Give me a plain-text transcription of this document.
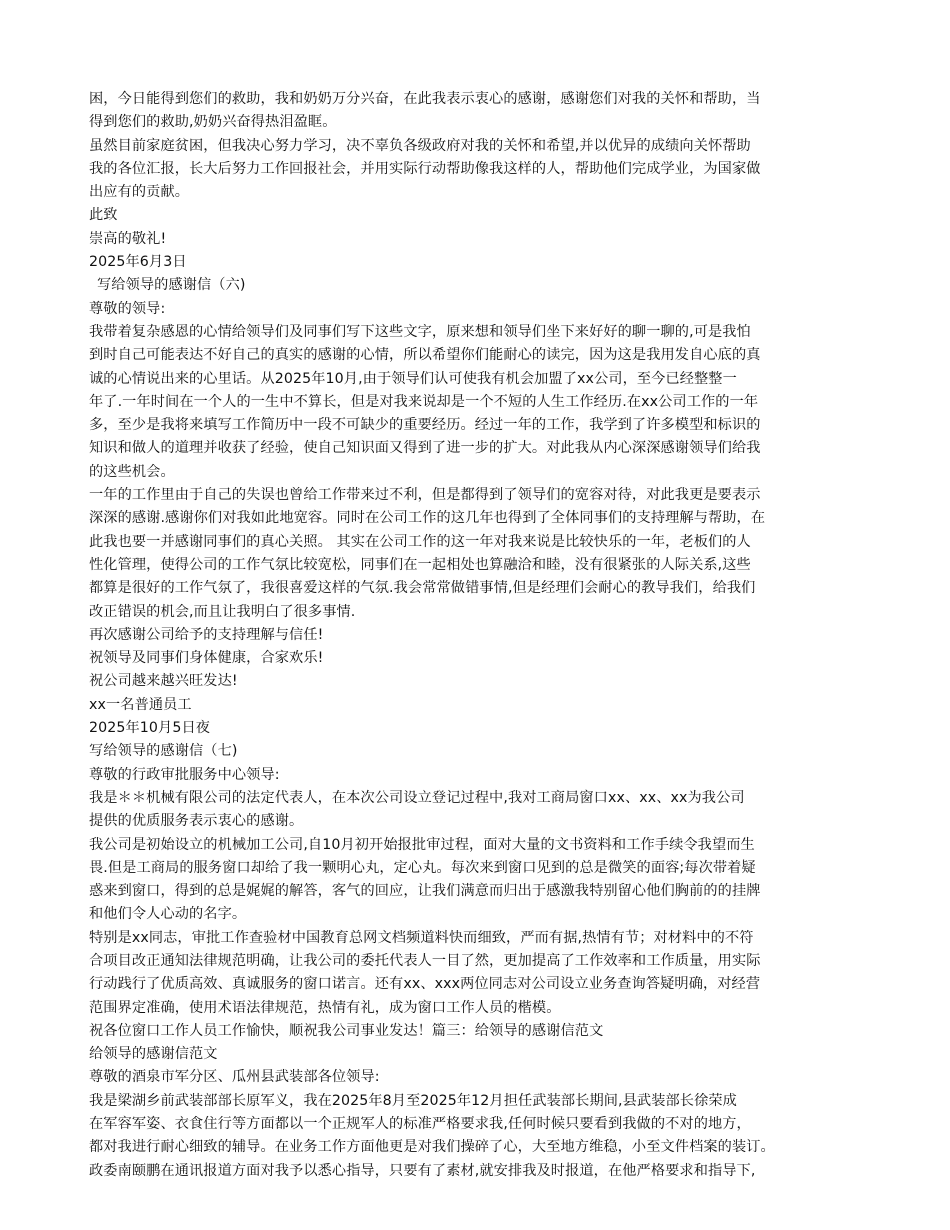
困，今日能得到您们的救助，我和奶奶万分兴奋，在此我表示衷心的感谢，感谢您们对我的关怀和帮助，当
得到您们的救助,奶奶兴奋得热泪盈眶。
虽然目前家庭贫困，但我决心努力学习，决不辜负各级政府对我的关怀和希望,并以优异的成绩向关怀帮助
我的各位汇报，长大后努力工作回报社会，并用实际行动帮助像我这样的人，帮助他们完成学业，为国家做
出应有的贡献。
此致
崇高的敬礼!
2025年6月3日
写给领导的感谢信（六)
尊敬的领导:
我带着复杂感恩的心情给领导们及同事们写下这些文字，原来想和领导们坐下来好好的聊一聊的,可是我怕
到时自己可能表达不好自己的真实的感谢的心情，所以希望你们能耐心的读完，因为这是我用发自心底的真
诚的心情说出来的心里话。从2025年10月,由于领导们认可使我有机会加盟了xx公司，至今已经整整一
年了.一年时间在一个人的一生中不算长，但是对我来说却是一个不短的人生工作经历.在xx公司工作的一年
多，至少是我将来填写工作简历中一段不可缺少的重要经历。经过一年的工作，我学到了许多模型和标识的
知识和做人的道理并收获了经验，使自己知识面又得到了进一步的扩大。对此我从内心深深感谢领导们给我
的这些机会。
一年的工作里由于自己的失误也曾给工作带来过不利，但是都得到了领导们的宽容对待，对此我更是要表示
深深的感谢.感谢你们对我如此地宽容。同时在公司工作的这几年也得到了全体同事们的支持理解与帮助，在
此我也要一并感谢同事们的真心关照。 其实在公司工作的这一年对我来说是比较快乐的一年，老板们的人
性化管理，使得公司的工作气氛比较宽松，同事们在一起相处也算融洽和睦，没有很紧张的人际关系,这些
都算是很好的工作气氛了，我很喜爱这样的气氛.我会常常做错事情,但是经理们会耐心的教导我们，给我们
改正错误的机会,而且让我明白了很多事情.
再次感谢公司给予的支持理解与信任!
祝领导及同事们身体健康，合家欢乐!
祝公司越来越兴旺发达!
xx一名普通员工
2025年10月5日夜
写给领导的感谢信（七)
尊敬的行政审批服务中心领导:
我是＊＊机械有限公司的法定代表人，在本次公司设立登记过程中,我对工商局窗口xx、xx、xx为我公司
提供的优质服务表示衷心的感谢。
我公司是初始设立的机械加工公司,自10月初开始报批审过程，面对大量的文书资料和工作手续令我望而生
畏.但是工商局的服务窗口却给了我一颗明心丸，定心丸。每次来到窗口见到的总是微笑的面容;每次带着疑
惑来到窗口，得到的总是娓娓的解答，客气的回应，让我们满意而归出于感激我特别留心他们胸前的的挂牌
和他们令人心动的名字。
特别是xx同志，审批工作查验材中国教育总网文档频道料快而细致，严而有据,热情有节；对材料中的不符
合项目改正通知法律规范明确，让我公司的委托代表人一目了然，更加提高了工作效率和工作质量，用实际
行动践行了优质高效、真诚服务的窗口诺言。还有xx、xxx两位同志对公司设立业务查询答疑明确，对经营
范围界定准确，使用术语法律规范，热情有礼，成为窗口工作人员的楷模。
祝各位窗口工作人员工作愉快，顺祝我公司事业发达！篇三：给领导的感谢信范文
给领导的感谢信范文
尊敬的酒泉市军分区、瓜州县武装部各位领导:
我是梁湖乡前武装部部长原军义，我在2025年8月至2025年12月担任武装部长期间,县武装部长徐荣成
在军容军姿、衣食住行等方面都以一个正规军人的标准严格要求我,任何时候只要看到我做的不对的地方，
都对我进行耐心细致的辅导。在业务工作方面他更是对我们操碎了心，大至地方维稳，小至文件档案的装订。
政委南颐鹏在通讯报道方面对我予以悉心指导，只要有了素材,就安排我及时报道，在他严格要求和指导下,
